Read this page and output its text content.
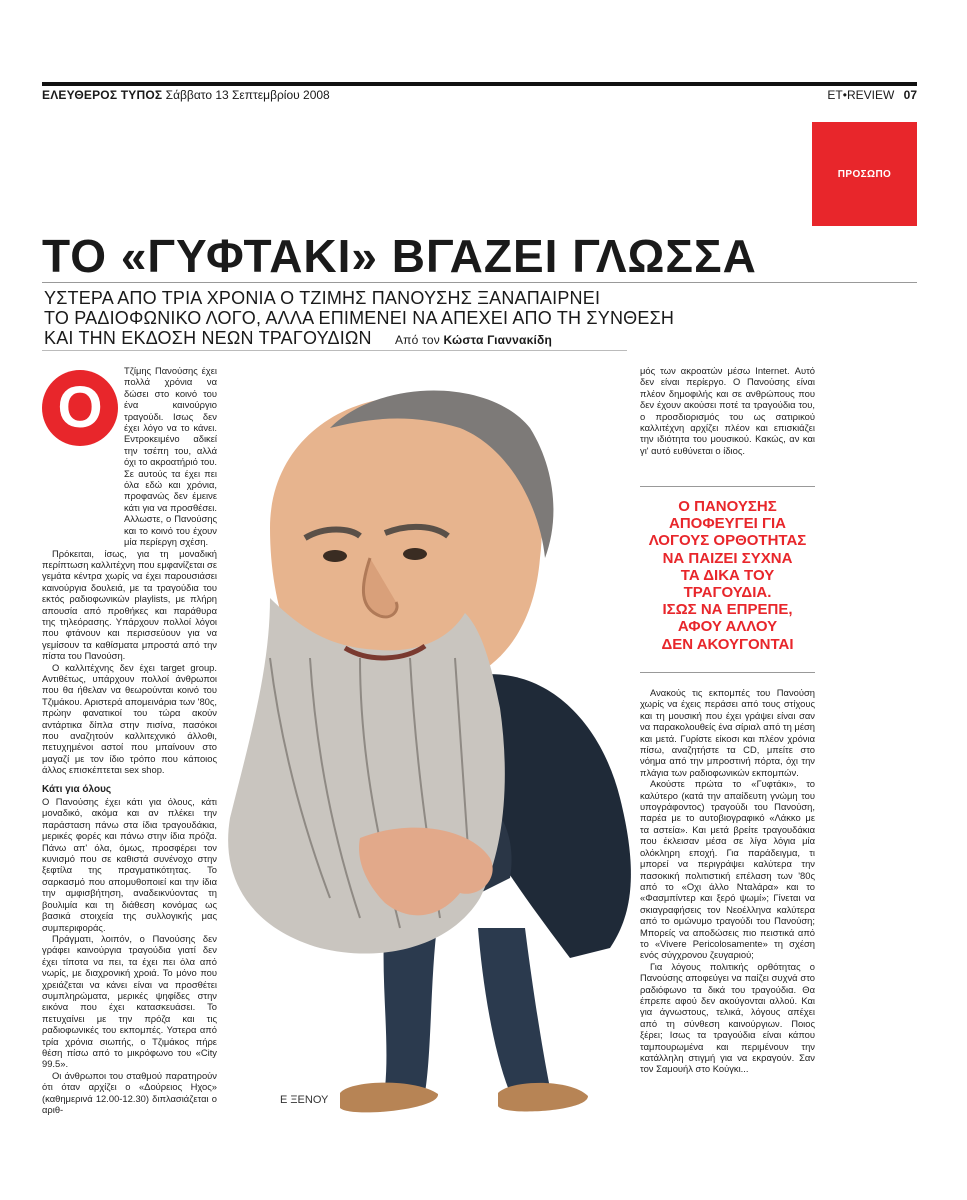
ΕΛΕΥΘΕΡΟΣ ΤΥΠΟΣ Σάββατο 13 Σεπτεμβρίου 2008	ΕΤ•REVIEW 07
ΠΡΟΣΩΠΟ
ΤΟ «ΓΥΦΤΑΚΙ» ΒΓΑΖΕΙ ΓΛΩΣΣΑ
ΥΣΤΕΡΑ ΑΠΟ ΤΡΙΑ ΧΡΟΝΙΑ Ο ΤΖΙΜΗΣ ΠΑΝΟΥΣΗΣ ΞΑΝΑΠΑΙΡΝΕΙ
ΤΟ ΡΑΔΙΟΦΩΝΙΚΟ ΛΟΓΟ, ΑΛΛΑ ΕΠΙΜΕΝΕΙ ΝΑ ΑΠΕΧΕΙ ΑΠΟ ΤΗ ΣΥΝΘΕΣΗ
ΚΑΙ ΤΗΝ ΕΚΔΟΣΗ ΝΕΩΝ ΤΡΑΓΟΥΔΙΩΝ Από τον Κώστα Γιαννακίδη
Ο

Τζίμης Πανούσης έχει πολλά χρόνια να δώσει στο κοινό του ένα καινούργιο τραγούδι. Ισως δεν έχει λόγο να το κάνει. Εντροκειμένο αδικεί την τσέπη του, αλλά όχι το ακροατήριό του. Σε αυτούς τα έχει πει όλα εδώ και χρόνια, προφανώς δεν έμεινε κάτι για να προσθέσει. Αλλωστε, ο Πανούσης και το κοινό του έχουν μία περίεργη σχέση.

Πρόκειται, ίσως, για τη μοναδική περίπτωση καλλιτέχνη που εμφανίζεται σε γεμάτα κέντρα χωρίς να έχει παρουσιάσει καινούργια δουλειά, με τα τραγούδια του εκτός ραδιοφωνικών playlists, με πλήρη απουσία από προθήκες και παράθυρα της τηλεόρασης. Υπάρχουν πολλοί λόγοι που φτάνουν και περισσεύουν για να γεμίσουν τα καθίσματα μπροστά από την πίστα του Πανούση.

Ο καλλιτέχνης δεν έχει target group. Αντιθέτως, υπάρχουν πολλοί άνθρωποι που θα ήθελαν να θεωρούνται κοινό του Τζιμάκου. Αριστερά απομεινάρια των '80ς, πρώην φανατικοί του τώρα ακούν αντάρτικα δίπλα στην πισίνα, πασόκοι που αναζητούν καλλιτεχνικό άλλοθι, πετυχημένοι αστοί που μπαίνουν στο μαγαζί με τον ίδιο τρόπο που κάποιος άλλος επισκέπτεται sex shop.

Κάτι για όλους

Ο Πανούσης έχει κάτι για όλους, κάτι μοναδικό, ακόμα και αν πλέκει την παράσταση πάνω στα ίδια τραγουδάκια, μερικές φορές και πάνω στην ίδια πρόζα. Πάνω απ' όλα, όμως, προσφέρει τον κυνισμό που σε καθιστά συνένοχο στην ξεφτίλα της πραγματικότητας. Το σαρκασμό που απομυθοποιεί και την ίδια την αμφισβήτηση, αναδεικνύοντας τη βουλιμία και τη διάθεση κονόμας ως βασικά στοιχεία της συλλογικής μας συμπεριφοράς.

Πράγματι, λοιπόν, ο Πανούσης δεν γράφει καινούργια τραγούδια γιατί δεν έχει τίποτα να πει, τα έχει πει όλα από νωρίς, με διαχρονική χροιά. Το μόνο που χρειάζεται να κάνει είναι να προσθέτει συμπληρώματα, μερικές ψηφίδες στην εικόνα που έχει κατασκευάσει. Το πετυχαίνει με την πρόζα και τις ραδιοφωνικές του εκπομπές. Υστερα από τρία χρόνια σιωπής, ο Τζιμάκος πήρε θέση πίσω από το μικρόφωνο του «City 99.5».

Οι άνθρωποι του σταθμού παρατηρούν ότι όταν αρχίζει ο «Δούρειος Ηχος» (καθημερινά 12.00-12.30) διπλασιάζεται ο αριθ-

μός των ακροατών μέσω Internet. Αυτό δεν είναι περίεργο. Ο Πανούσης είναι πλέον δημοφιλής και σε ανθρώπους που δεν έχουν ακούσει ποτέ τα τραγούδια του, ο προσδιορισμός του ως σατιρικού καλλιτέχνη αρχίζει πλέον και επισκιάζει την ιδιότητα του μουσικού. Κακώς, αν και γι' αυτό ευθύνεται ο ίδιος.

Ο ΠΑΝΟΥΣΗΣ
ΑΠΟΦΕΥΓΕΙ ΓΙΑ
ΛΟΓΟΥΣ ΟΡΘΟΤΗΤΑΣ
ΝΑ ΠΑΙΖΕΙ ΣΥΧΝΑ
ΤΑ ΔΙΚΑ ΤΟΥ
ΤΡΑΓΟΥΔΙΑ.
ΙΣΩΣ ΝΑ ΕΠΡΕΠΕ,
ΑΦΟΥ ΑΛΛΟΥ
ΔΕΝ ΑΚΟΥΓΟΝΤΑΙ

Ανακούς τις εκπομπές του Πανούση χωρίς να έχεις περάσει από τους στίχους και τη μουσική που έχει γράψει είναι σαν να παρακολουθείς ένα σίριαλ από τη μέση και μετά. Γυρίστε είκοσι και πλέον χρόνια πίσω, αναζητήστε τα CD, μπείτε στο νόημα από την μπροστινή πόρτα, όχι την πλάγια των ραδιοφωνικών εκπομπών.

Ακούστε πρώτα το «Γυφτάκι», το καλύτερο (κατά την απαίδευτη γνώμη του υπογράφοντος) τραγούδι του Πανούση, παρέα με το αυτοβιογραφικό «Λάκκο με τα αστεία». Και μετά βρείτε τραγουδάκια που έκλεισαν μέσα σε λίγα λόγια μία ολόκληρη εποχή. Για παράδειγμα, τι μπορεί να περιγράψει καλύτερα την πασοκική πολιτιστική επέλαση των '80ς από το «Οχι άλλο Νταλάρα» και το «Φασμπίντερ και ξερό ψωμί»; Γίνεται να σκιαγραφήσεις τον Νεοέλληνα καλύτερα από το ομώνυμο τραγούδι του Πανούση; Μπορείς να αποδώσεις πιο πειστικά από το «Vivere Pericolosamente» τη σχέση ενός σύγχρονου ζευγαριού;

Για λόγους πολιτικής ορθότητας ο Πανούσης αποφεύγει να παίζει συχνά στο ραδιόφωνο τα δικά του τραγούδια. Θα έπρεπε αφού δεν ακούγονται αλλού. Και για άγνωστους, τελικά, λόγους απέχει από τη σύνθεση καινούργιων. Ποιος ξέρει; Ισως τα τραγούδια είναι κάπου ταμπουρωμένα και περιμένουν την κατάλληλη στιγμή για να εκραγούν. Σαν τον Σαμουήλ στο Κούγκι...

Ε ΞΕΝΟΥ
